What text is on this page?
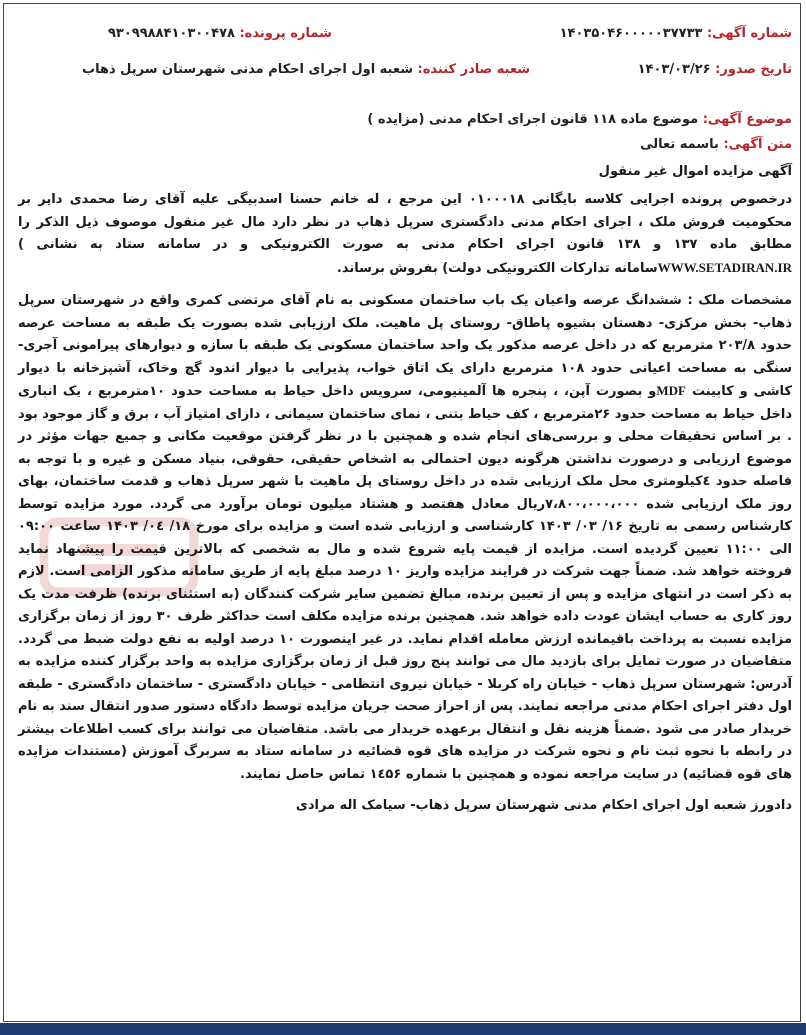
شماره آگهی: ۱۴۰۳۵۰۴۶۰۰۰۰۰۳۷۷۳۳
شماره پرونده: ۹۳۰۹۹۸۸۴۱۰۳۰۰۴۷۸
تاریخ صدور: ۱۴۰۳/۰۳/۲۶
شعبه صادر کننده: شعبه اول اجرای احکام مدنی شهرستان سرپل ذهاب
موضوع آگهی: موضوع ماده ۱۱۸ قانون اجرای احکام مدنی (مزایده )
متن آگهی: باسمه تعالی
آگهی مزایده اموال غیر منقول

درخصوص پرونده اجرایی کلاسه بایگانی ۰۱۰۰۰۱۸ این مرجع ، له خانم حسنا اسدبیگی علیه آقای رضا محمدی دایر بر محکومیت فروش ملک ، اجرای احکام مدنی دادگستری سرپل ذهاب در نظر دارد مال غیر منقول موصوف ذیل الذکر را مطابق ماده ۱۳۷ و ۱۳۸ قانون اجرای احکام مدنی به صورت الکترونیکی و در سامانه ستاد به نشانی ) WWW.SETADIRAN.IRسامانه تدارکات الکترونیکی دولت) بفروش برساند.

مشخصات ملک : ششدانگ عرصه واعیان یک باب ساختمان مسکونی به نام آقای مرتضی کمری واقع در شهرستان سرپل ذهاب- بخش مرکزی- دهستان بشیوه پاطاق- روستای پل ماهیت. ملک ارزیابی شده بصورت یک طبقه به مساحت عرصه حدود ۲۰۳/۸ مترمربع که در داخل عرصه مذکور یک واحد ساختمان مسکونی یک طبقه با سازه و دیوارهای پیرامونی آجری- سنگی به مساحت اعیانی حدود ۱۰۸ مترمربع دارای یک اتاق خواب، پذیرایی با دیوار اندود گچ وخاک، آشپزخانه با دیوار کاشی و کابینت MDFو بصورت آپن، ، پنجره ها آلمینیومی، سرویس داخل حیاط به مساحت حدود ۱۰مترمربع ، یک انباری داخل حیاط به مساحت حدود ۲۶مترمربع ، کف حیاط بتنی ، نمای ساختمان سیمانی ، دارای امتیاز آب ، برق و گاز موجود بود . بر اساس تحقیقات محلی و بررسی‌های انجام شده و همچنین با در نظر گرفتن موقعیت مکانی و جمیع جهات مؤثر در موضوع ارزیابی و درصورت نداشتن هرگونه دیون احتمالی به اشخاص حقیقی، حقوقی، بنیاد مسکن و غیره و با توجه به فاصله حدود ٤کیلومتری محل ملک ارزیابی شده در داخل روستای پل ماهیت با شهر سرپل ذهاب و قدمت ساختمان، بهای روز ملک ارزیابی شده ۷،۸۰۰،۰۰۰،۰۰۰ریال معادل هفتصد و هشتاد میلیون تومان برآورد می گردد. مورد مزایده توسط کارشناس رسمی به تاریخ ۱۶/ ۰۳/ ۱۴۰۳ کارشناسی و ارزیابی شده است و مزایده برای مورخ ۱۸/ ۰٤/ ۱۴۰۳ ساعت ۰۹:۰۰ الی ۱۱:۰۰ تعیین گردیده است. مزایده از قیمت پایه شروع شده و مال به شخصی که بالاترین قیمت را پیشنهاد نماید فروخته خواهد شد. ضمناً جهت شرکت در فرایند مزایده واریز ۱۰ درصد مبلغ پایه از طریق سامانه مذکور الزامی است. لازم به ذکر است در انتهای مزایده و پس از تعیین برنده، مبالغ تضمین سایر شرکت کنندگان (به استثنای برنده) ظرفت مدت یک روز کاری به حساب ایشان عودت داده خواهد شد. همچنین برنده مزایده مکلف است حداکثر ظرف ۳۰ روز از زمان برگزاری مزایده نسبت به پرداخت باقیمانده ارزش معامله اقدام نماید. در غیر اینصورت ۱۰ درصد اولیه به نفع دولت ضبط می گردد. متقاضیان در صورت تمایل برای بازدید مال می توانند پنج روز قبل از زمان برگزاری مزایده به واحد برگزار کننده مزایده به آدرس: شهرستان سرپل ذهاب - خیابان راه کربلا - خیابان نیروی انتظامی - خیابان دادگستری - ساختمان دادگستری - طبقه اول دفتر اجرای احکام مدنی مراجعه نمایند. پس از احراز صحت جریان مزایده توسط دادگاه دستور صدور انتقال سند به نام خریدار صادر می شود .ضمناً هزینه نقل و انتقال برعهده خریدار می باشد. متقاضیان می توانند برای کسب اطلاعات بیشتر در رابطه با نحوه ثبت نام و نحوه شرکت در مزایده های قوه قضائیه در سامانه ستاد به سربرگ آموزش (مستندات مزایده های قوه قضائیه) در سایت مراجعه نموده و همچنین با شماره ۱٤۵۶ تماس حاصل نمایند.

دادورز شعبه اول اجرای احکام مدنی شهرستان سرپل ذهاب- سیامک اله مرادی
